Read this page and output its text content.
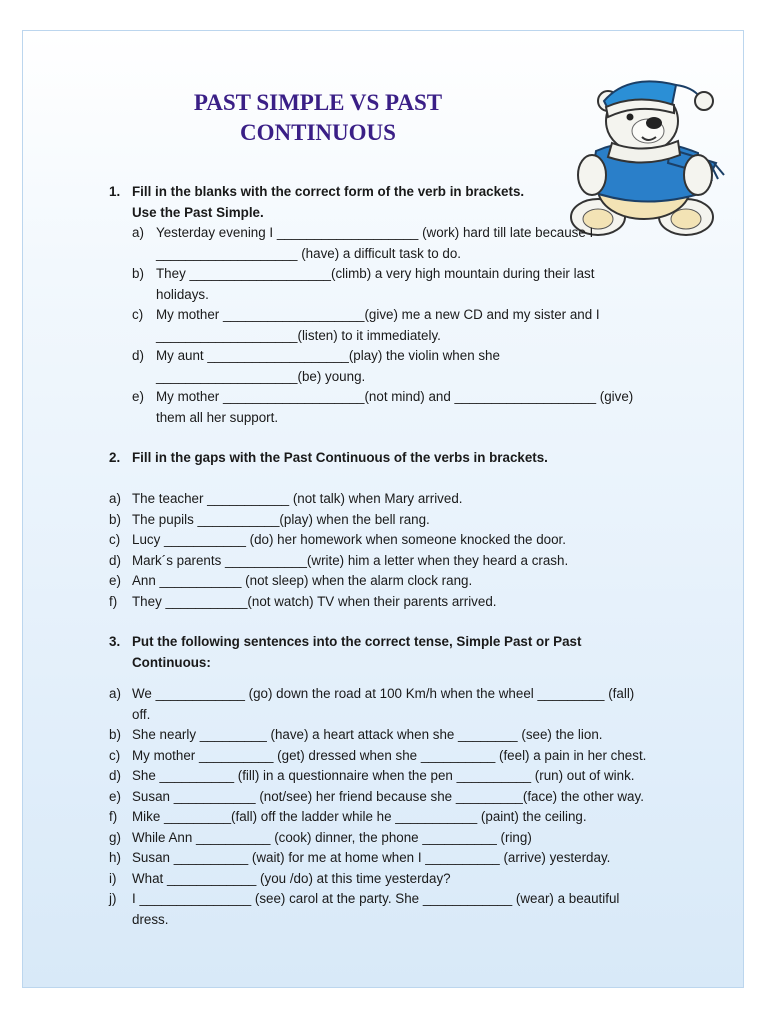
PAST SIMPLE VS PAST
CONTINUOUS
1. Fill in the blanks with the correct form of the verb in brackets.
Use the Past Simple.
a) Yesterday evening I ___________________ (work) hard till late because I
___________________ (have) a difficult task to do.
b) They ___________________(climb) a very high mountain during their last
holidays.
c) My mother ___________________(give) me a new CD and my sister and I
___________________(listen) to it immediately.
d) My aunt ___________________(play) the violin when she
___________________(be) young.
e) My mother ___________________(not mind) and ___________________ (give)
them all her support.
2. Fill in the gaps with the Past Continuous of the verbs in brackets.
a) The teacher ___________ (not talk) when Mary arrived.
b) The pupils ___________(play) when the bell rang.
c) Lucy ___________ (do) her homework when someone knocked the door.
d) Mark´s parents ___________(write) him a letter when they heard a crash.
e) Ann ___________ (not sleep) when the alarm clock rang.
f) They ___________(not watch) TV when their parents arrived.
3. Put the following sentences into the correct tense, Simple Past or Past
Continuous:
a) We ____________ (go) down the road at 100 Km/h when the wheel _________ (fall)
off.
b) She nearly _________ (have) a heart attack when she ________ (see) the lion.
c) My mother __________ (get) dressed when she __________ (feel) a pain in her chest.
d) She __________ (fill) in a questionnaire when the pen __________ (run) out of wink.
e) Susan ___________ (not/see) her friend because she _________(face) the other way.
f) Mike _________(fall) off the ladder while he ___________ (paint) the ceiling.
g) While Ann __________ (cook) dinner, the phone __________ (ring)
h) Susan __________ (wait) for me at home when I __________ (arrive) yesterday.
i) What ____________ (you /do) at this time yesterday?
j) I _______________ (see) carol at the party. She ____________ (wear) a beautiful
dress.
